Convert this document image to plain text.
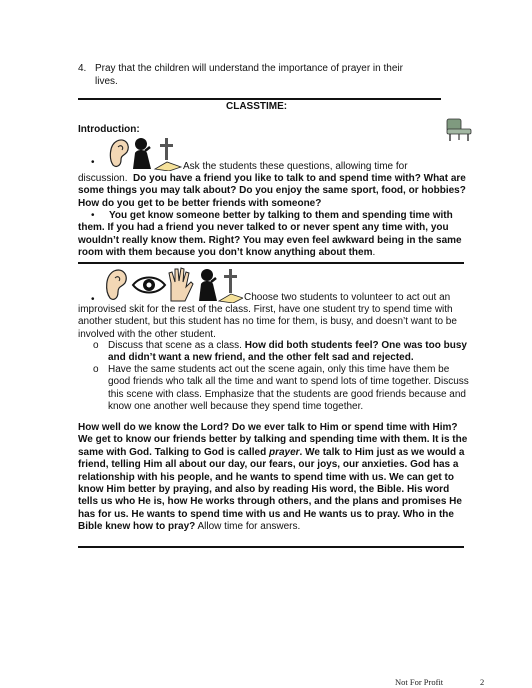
4. Pray that the children will understand the importance of prayer in their
lives.
CLASSTIME:
Introduction:
•	Ask the students these questions, allowing time for
discussion. Do you have a friend you like to talk to and spend time with? What are some things you may talk about? Do you enjoy the same sport, food, or hobbies? How do you get to be better friends with someone?
•	You get know someone better by talking to them and spending time with them. If you had a friend you never talked to or never spent any time with, you wouldn’t really know them. Right? You may even feel awkward being in the same room with them because you don’t know anything about them.
•	Choose two students to volunteer to act out an
improvised skit for the rest of the class. First, have one student try to spend time with another student, but this student has no time for them, is busy, and doesn’t want to be involved with the other student.
o Discuss that scene as a class. How did both students feel? One was too busy and didn’t want a new friend, and the other felt sad and rejected.
o Have the same students act out the scene again, only this time have them be good friends who talk all the time and want to spend lots of time together. Discuss this scene with class. Emphasize that the students are good friends because and know one another well because they spend time together.
How well do we know the Lord? Do we ever talk to Him or spend time with Him? We get to know our friends better by talking and spending time with them. It is the same with God. Talking to God is called prayer. We talk to Him just as we would a friend, telling Him all about our day, our fears, our joys, our anxieties. God has a relationship with his people, and he wants to spend time with us. We can get to know Him better by praying, and also by reading His word, the Bible. His word tells us who He is, how He works through others, and the plans and promises He has for us. He wants to spend time with us and He wants us to pray. Who in the Bible knew how to pray? Allow time for answers.
Not For Profit	2
